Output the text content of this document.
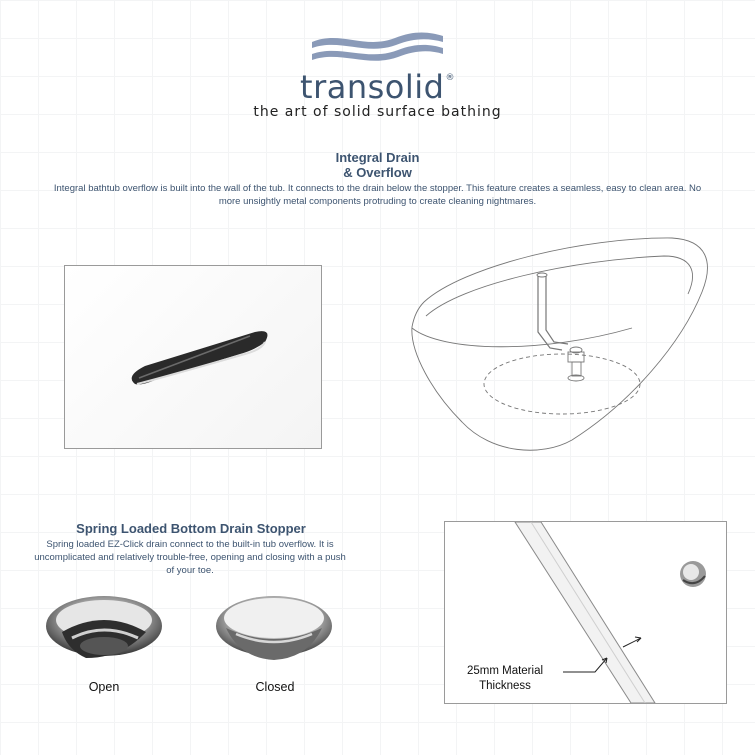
transolid®
the art of solid surface bathing
Integral Drain
& Overflow
Integral bathtub overflow is built into the wall of the tub. It connects to the drain below the stopper. This feature creates a seamless, easy to clean area. No more unsightly metal components protruding to create cleaning nightmares.
Spring Loaded Bottom Drain Stopper
Spring loaded EZ-Click drain connect to the built-in tub overflow. It is uncomplicated and relatively trouble-free, opening and closing with a push of your toe.
Open	Closed
25mm Material
Thickness
